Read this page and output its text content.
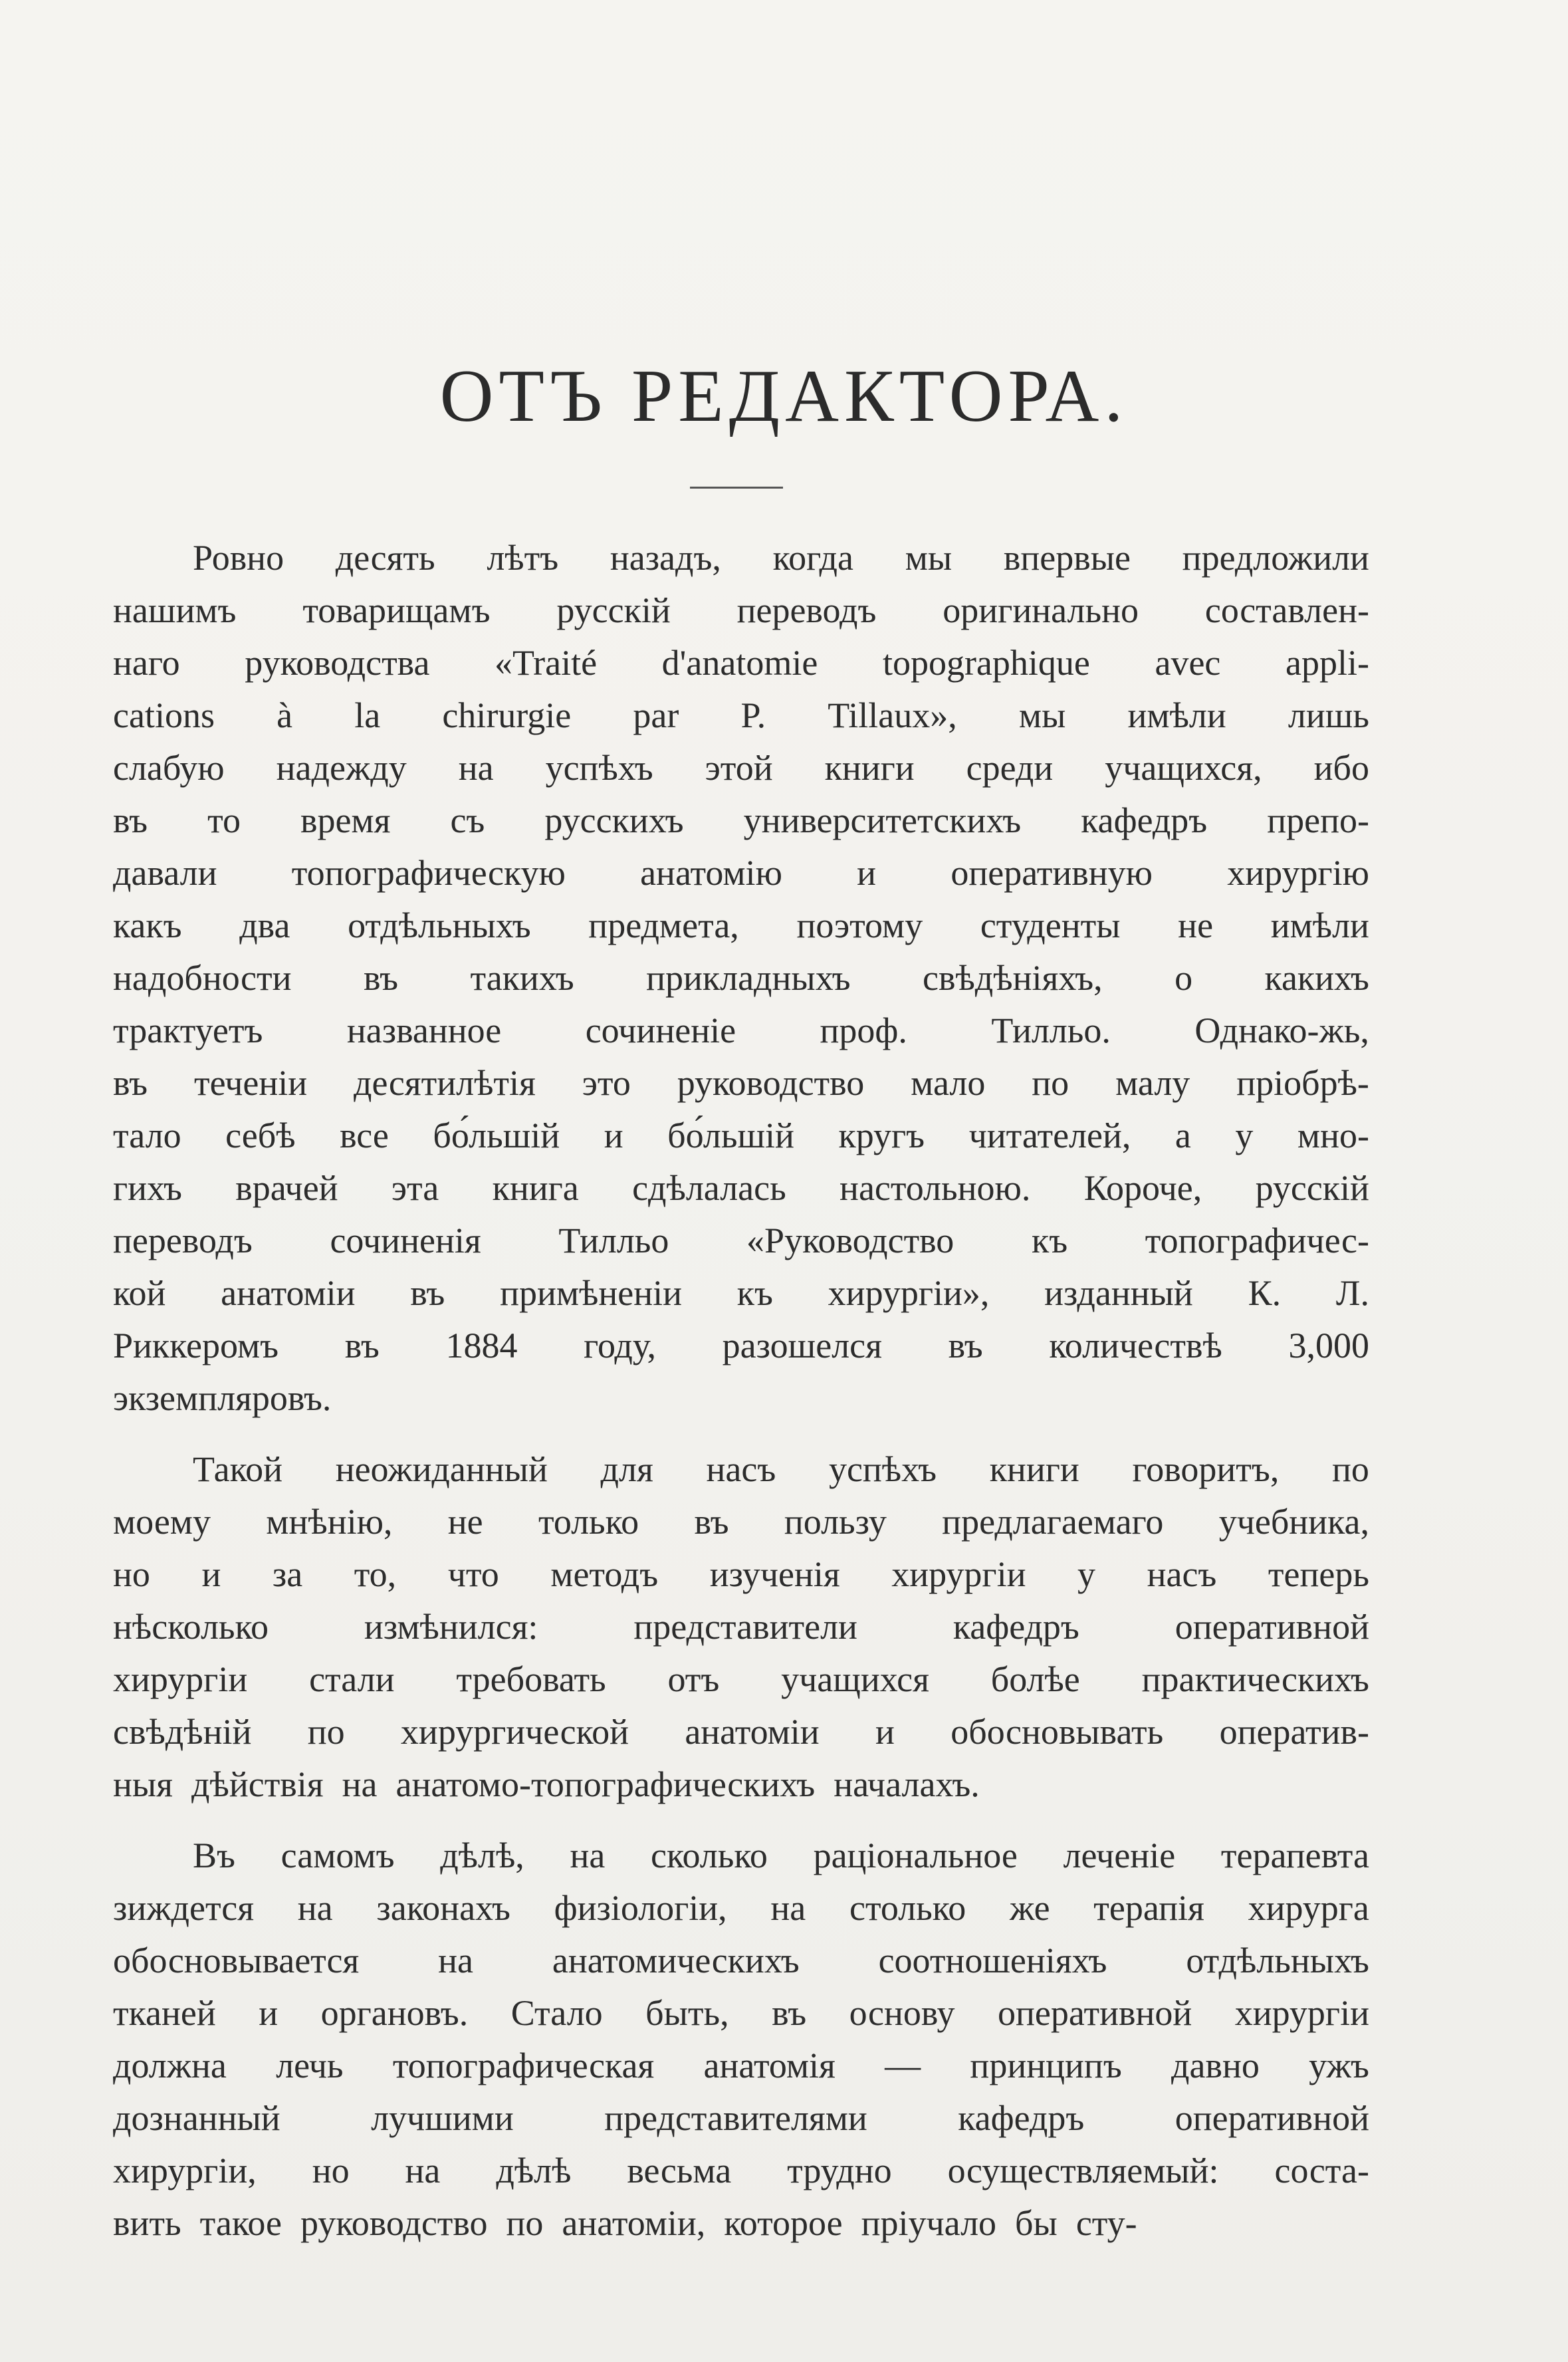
ОТЪ РЕДАКТОРА.
Ровно десять лѣтъ назадъ, когда мы впервые предложили
нашимъ товарищамъ русскій переводъ оригинально составлен-
наго руководства «Traité d'anatomie topographique avec appli-
cations à la chirurgie par P. Tillaux», мы имѣли лишь
слабую надежду на успѣхъ этой книги среди учащихся, ибо
въ то время съ русскихъ университетскихъ кафедръ препо-
давали топографическую анатомію и оперативную хирургію
какъ два отдѣльныхъ предмета, поэтому студенты не имѣли
надобности въ такихъ прикладныхъ свѣдѣніяхъ, о какихъ
трактуетъ названное сочиненіе проф. Тилльо. Однако-жь,
въ теченіи десятилѣтія это руководство мало по малу пріобрѣ-
тало себѣ все бо́льшій и бо́льшій кругъ читателей, а у мно-
гихъ врачей эта книга сдѣлалась настольною. Короче, русскій
переводъ сочиненія Тилльо «Руководство къ топографичес-
кой анатоміи въ примѣненіи къ хирургіи», изданный К. Л.
Риккеромъ въ 1884 году, разошелся въ количествѣ 3,000
экземпляровъ.
Такой неожиданный для насъ успѣхъ книги говоритъ, по
моему мнѣнію, не только въ пользу предлагаемаго учебника,
но и за то, что методъ изученія хирургіи у насъ теперь
нѣсколько	измѣнился:	представители	кафедръ	оперативной
хирургіи стали требовать отъ учащихся болѣе практическихъ
свѣдѣній по хирургической анатоміи и обосновывать оператив-
ныя дѣйствія на анатомо-топографическихъ началахъ.
Въ самомъ дѣлѣ, на сколько раціональное леченіе терапевта
зиждется на законахъ физіологіи, на столько же терапія хирурга
обосновывается на анатомическихъ соотношеніяхъ отдѣльныхъ
тканей и органовъ. Стало быть, въ основу оперативной хирургіи
должна лечь топографическая анатомія — принципъ давно ужъ
дознанный	лучшими	представителями	кафедръ	оперативной
хирургіи, но на дѣлѣ весьма трудно осуществляемый: соста-
вить такое руководство по анатоміи, которое пріучало бы сту-
